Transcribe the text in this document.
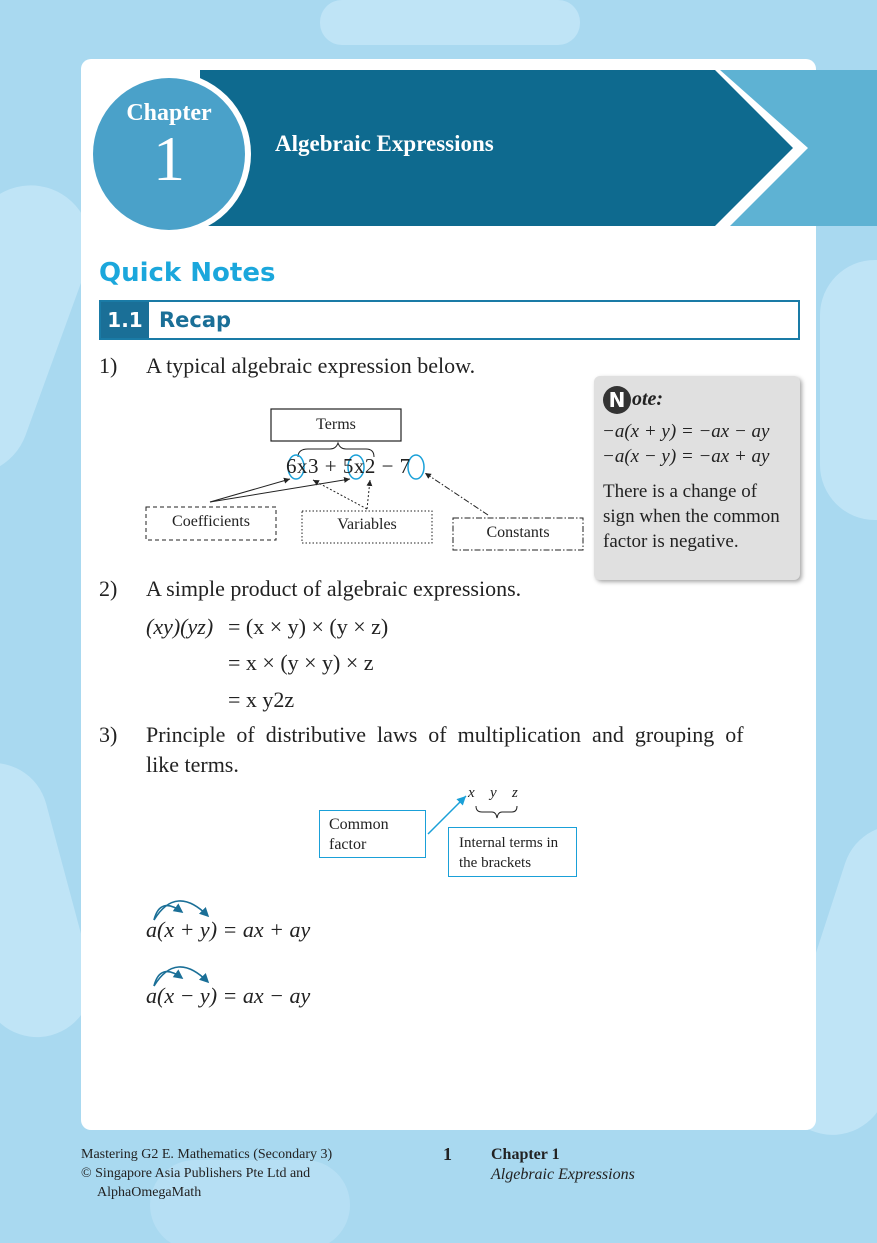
Chapter
1	Algebraic Expressions
Quick Notes
1.1 Recap
1) A typical algebraic expression below.
Terms
Coefficients	Variables	Constants
6x3 + 5x2 − 7
N ote:
−a(x + y) = −ax − ay
−a(x − y) = −ax + ay
There is a change of sign when the common factor is negative.
2) A simple product of algebraic expressions.
(xy)(yz) = (x × y) × (y × z)
= x × (y × y) × z
= x y2z
3) Principle  of  distributive  laws  of  multiplication  and  grouping  of
like terms.
x y z
Common factor	Internal terms in the brackets
a(x + y) = ax + ay
a(x − y) = ax − ay
Mastering G2 E. Mathematics (Secondary 3)
© Singapore Asia Publishers Pte Ltd and
AlphaOmegaMath
1 Chapter 1
Algebraic Expressions
